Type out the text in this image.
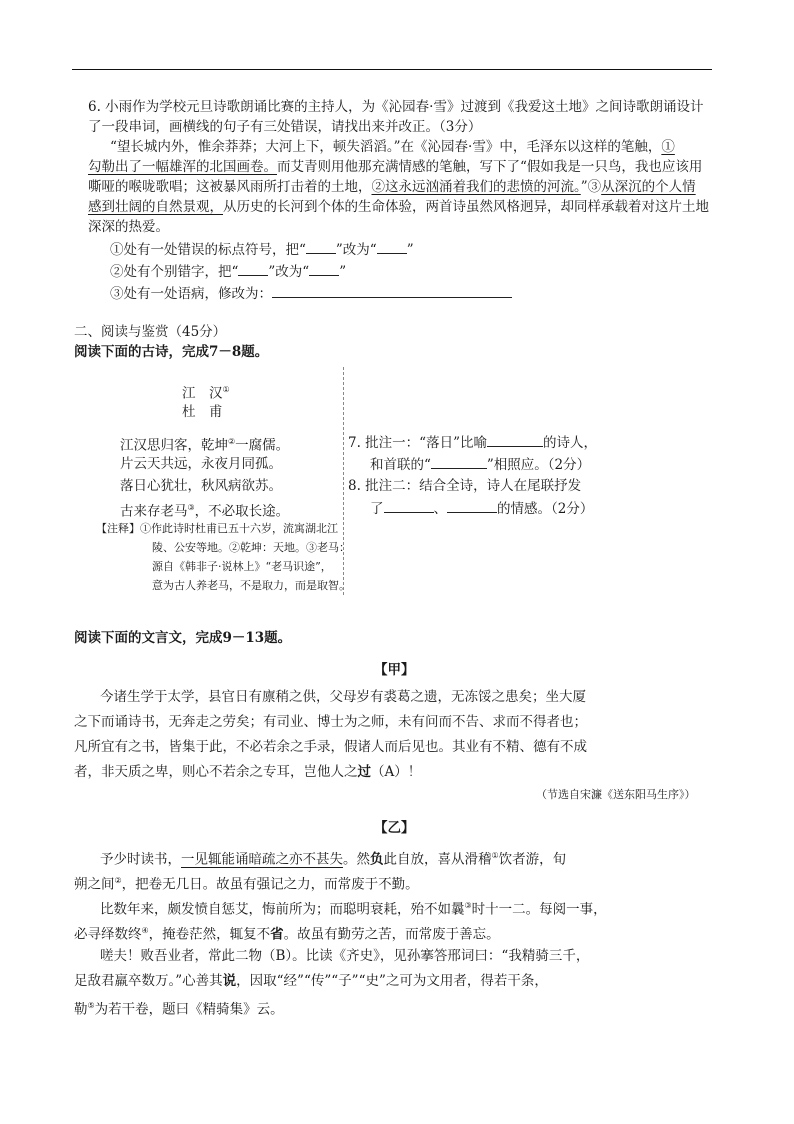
6. 小雨作为学校元旦诗歌朗诵比赛的主持人，为《沁园春·雪》过渡到《我爱这土地》之间诗歌朗诵设计
了一段串词，画横线的句子有三处错误，请找出来并改正。（3分）
“望长城内外，惟余莽莽；大河上下，顿失滔滔。”在《沁园春·雪》中，毛泽东以这样的笔触，①
勾勒出了一幅雄浑的北国画卷。而艾青则用他那充满情感的笔触，写下了“假如我是一只鸟，我也应该用
嘶哑的喉咙歌唱；这被暴风雨所打击着的土地，②这永远汹涌着我们的悲愤的河流。”③从深沉的个人情
感到壮阔的自然景观，从历史的长河到个体的生命体验，两首诗虽然风格迥异，却同样承载着对这片土地
深深的热爱。
①处有一处错误的标点符号，把“ ”改为“ ”
②处有个别错字，把“ ”改为“ ”
③处有一处语病，修改为：
二、阅读与鉴赏（45分）
阅读下面的古诗，完成7－8题。
江　汉①
杜　甫
江汉思归客，乾坤②一腐儒。
片云天共远，永夜月同孤。
落日心犹壮，秋风病欲苏。
古来存老马③，不必取长途。
【注释】①作此诗时杜甫已五十六岁，流寓湖北江
陵、公安等地。②乾坤：天地。③老马：
源自《韩非子·说林上》“老马识途”，
意为古人养老马，不是取力，而是取智。
7. 批注一：“落日”比喻	的诗人，
和首联的“	”相照应。（2分）
8. 批注二：结合全诗，诗人在尾联抒发
了	、	的情感。（2分）
阅读下面的文言文，完成9－13题。
【甲】
今诸生学于太学，县官日有廪稍之供，父母岁有裘葛之遗，无冻馁之患矣；坐大厦
之下而诵诗书，无奔走之劳矣；有司业、博士为之师，未有问而不告、求而不得者也；
凡所宜有之书，皆集于此，不必若余之手录，假诸人而后见也。其业有不精、德有不成
者，非天质之卑，则心不若余之专耳，岂他人之过（A）！
（节选自宋濂《送东阳马生序》）
【乙】
予少时读书，一见辄能诵暗疏之亦不甚失。然负此自放，喜从滑稽①饮者游，旬
朔之间②，把卷无几日。故虽有强记之力，而常废于不勤。
比数年来，颇发愤自惩艾，悔前所为；而聪明衰耗，殆不如曩③时十一二。每阅一事，
必寻绎数终④，掩卷茫然，辄复不省。故虽有勤劳之苦，而常废于善忘。
嗟夫！败吾业者，常此二物（B）。比读《齐史》，见孙搴答邢词曰：“我精骑三千，
足敌君羸卒数万。”心善其说，因取“经”“传”“子”“史”之可为文用者，得若干条，
勒⑤为若干卷，题曰《精骑集》云。
